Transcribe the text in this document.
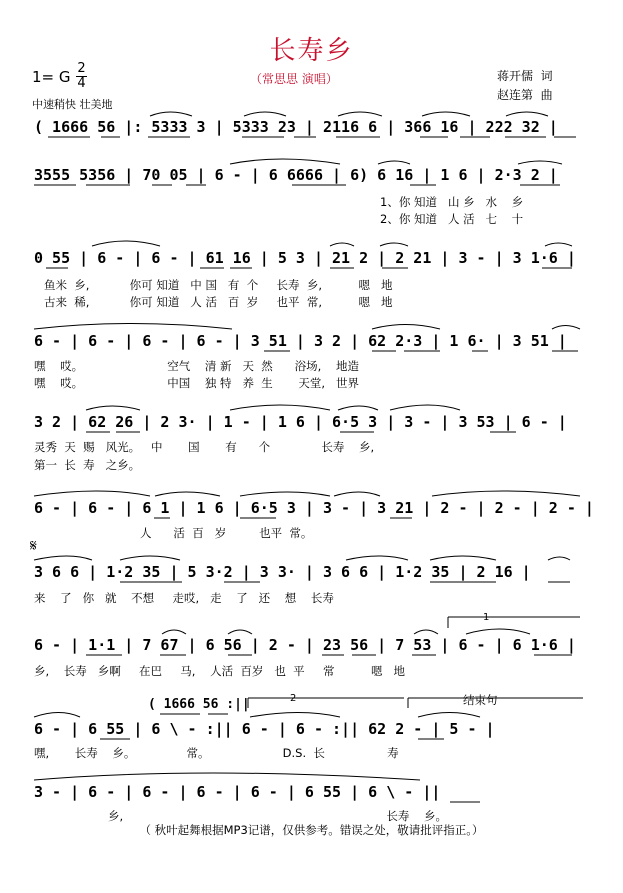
长寿乡
（常思思 演唱）	蒋开儒  词
赵连第  曲
1= G 2
4
中速稍快 壮美地
( 1666 56 |: 5333 3 | 5333 23 | 2116 6 | 366 16 | 222 32 |
3555 5356 | 70 05 | 6 - | 6 6666 | 6) 6 16 | 1 6 | 2·3 2 |
1、你 知道   山 乡   水    乡
2、你 知道   人 活   七    十
0 55 | 6 - | 6 - | 61 16 | 5 3 | 21 2 | 2 21 | 3 - | 3 1·6 |
鱼米  乡,           你可 知道   中 国   有  个     长寿  乡,          嗯   地
古来  稀,           你可 知道   人 活   百  岁     也平  常,          嗯   地
6 - | 6 - | 6 - | 6 - | 3 51 | 3 2 | 62 2·3 | 1 6· | 3 51 |
嘿    哎。                       空气    清 新   天  然      浴场,    地造
嘿    哎。                       中国    独 特   养  生       天堂,   世界
3 2 | 62 26 | 2 3· | 1 - | 1 6 | 6·5 3 | 3 - | 3 53 | 6 - |
灵秀  天  赐   风光。   中       国       有      个              长寿    乡,
第一  长  寿   之乡。
6 - | 6 - | 6 1 | 1 6 | 6·5 3 | 3 - | 3 21 | 2 - | 2 - | 2 - |
人      活  百   岁         也平  常。
𝄋
3 6 6 | 1·2 35 | 5 3·2 | 3 3· | 3 6 6 | 1·2 35 | 2 16 |
来    了   你   就    不想     走哎,   走    了   还    想    长寿
1
6 - | 1·1 | 7 67 | 6 56 | 2 - | 23 56 | 7 53 | 6 - | 6 1·6 |
乡,    长寿   乡啊     在巴     马,    人活  百岁   也  平     常          嗯   地
( 1666 56 :||	2	结束句
6 - | 6 55 | 6 \ - :|| 6 - | 6 - :|| 62 2 - | 5 - |
嘿,       长寿    乡。              常。                    D.S.  长                 寿
3 - | 6 - | 6 - | 6 - | 6 - | 6 55 | 6 \ - ||
乡,                                                                        长寿    乡。
（ 秋叶起舞根据MP3记谱，仅供参考。错误之处，敬请批评指正。）
